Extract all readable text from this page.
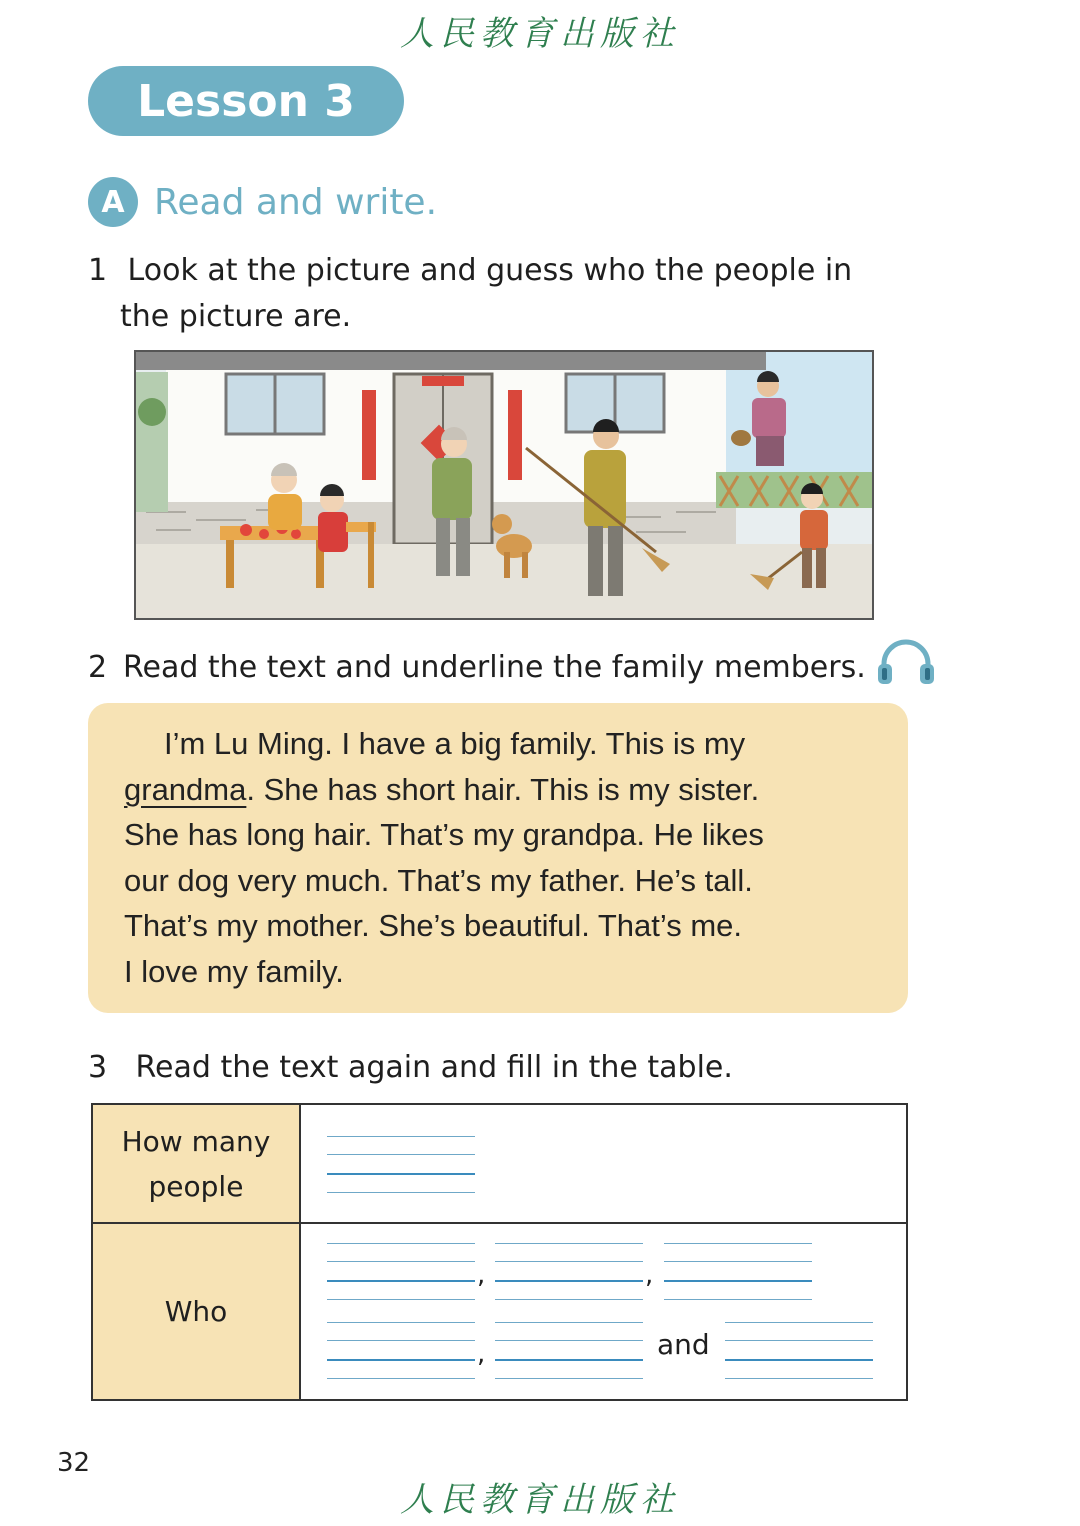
人民教育出版社
Lesson 3
A Read and write.
1 Look at the picture and guess who the people in
the picture are.
2 Read the text and underline the family members.

I’m Lu Ming. I have a big family. This is my

grandma. She has short hair. This is my sister.

She has long hair. That’s my grandpa. He likes

our dog very much. That’s my father. He’s tall.

That’s my mother. She’s beautiful. That’s me.

I love my family.

3 Read the text again and fill in the table.
How many
people
Who
,	,
,	and
32
人民教育出版社
